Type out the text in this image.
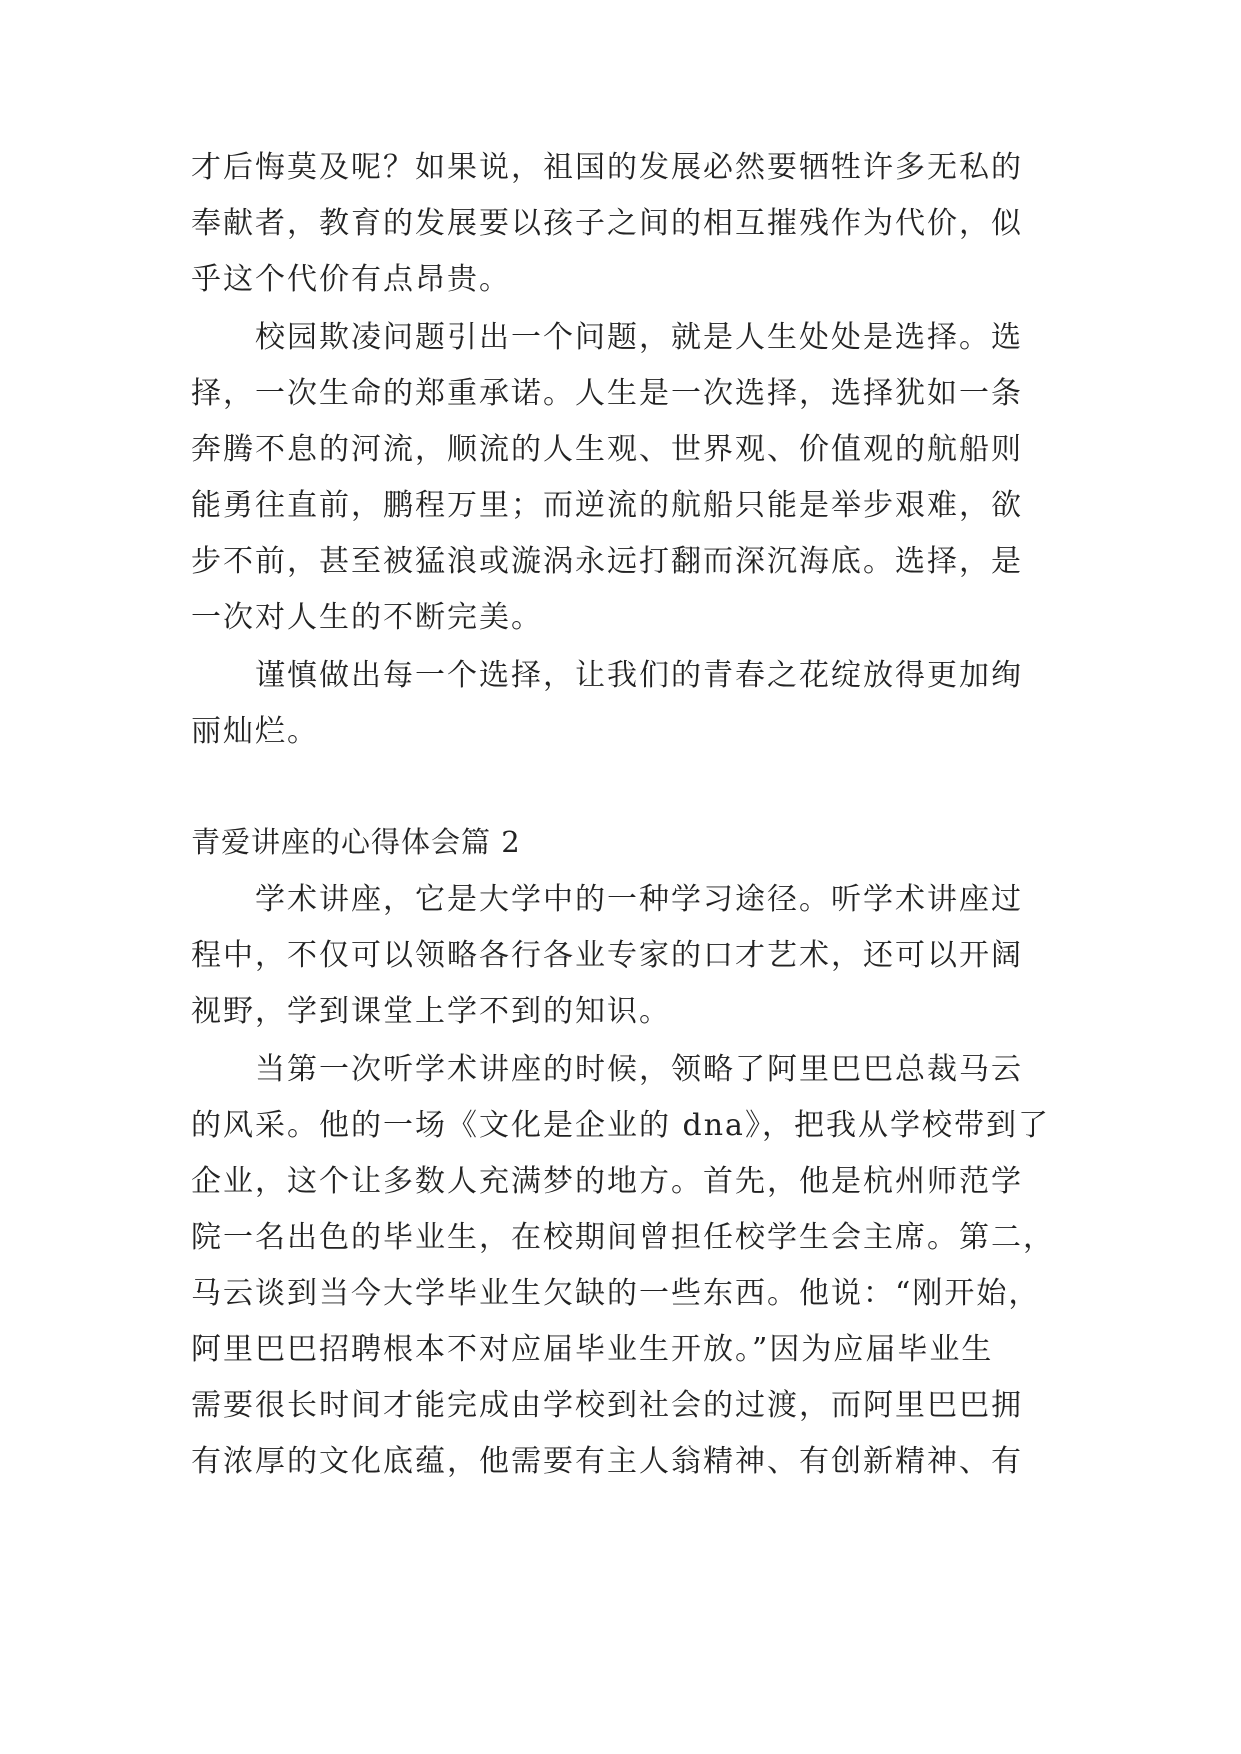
才后悔莫及呢？如果说，祖国的发展必然要牺牲许多无私的
奉献者，教育的发展要以孩子之间的相互摧残作为代价，似
乎这个代价有点昂贵。
校园欺凌问题引出一个问题，就是人生处处是选择。选
择，一次生命的郑重承诺。人生是一次选择，选择犹如一条
奔腾不息的河流，顺流的人生观、世界观、价值观的航船则
能勇往直前，鹏程万里；而逆流的航船只能是举步艰难，欲
步不前，甚至被猛浪或漩涡永远打翻而深沉海底。选择，是
一次对人生的不断完美。
谨慎做出每一个选择，让我们的青春之花绽放得更加绚
丽灿烂。
青爱讲座的心得体会篇 2
学术讲座，它是大学中的一种学习途径。听学术讲座过
程中，不仅可以领略各行各业专家的口才艺术，还可以开阔
视野，学到课堂上学不到的知识。
当第一次听学术讲座的时候，领略了阿里巴巴总裁马云
的风采。他的一场《文化是企业的 dna》，把我从学校带到了
企业，这个让多数人充满梦的地方。首先，他是杭州师范学
院一名出色的毕业生，在校期间曾担任校学生会主席。第二，
马云谈到当今大学毕业生欠缺的一些东西。他说：“刚开始，
阿里巴巴招聘根本不对应届毕业生开放。”因为应届毕业生
需要很长时间才能完成由学校到社会的过渡，而阿里巴巴拥
有浓厚的文化底蕴，他需要有主人翁精神、有创新精神、有
